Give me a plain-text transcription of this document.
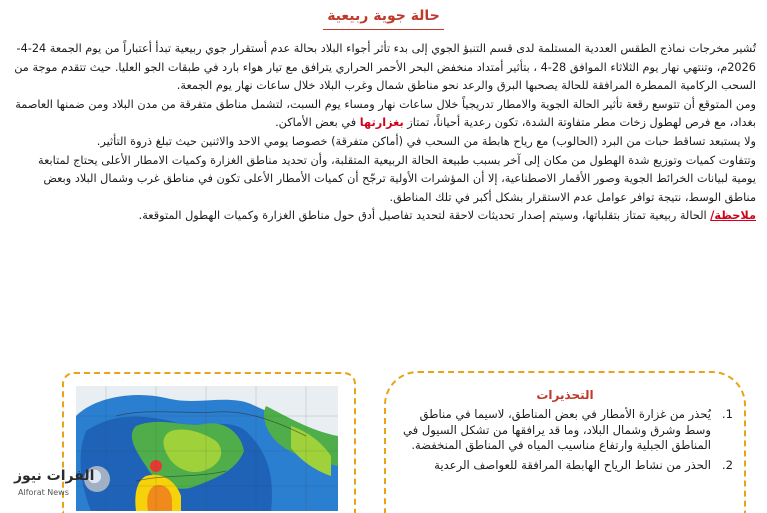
حالة جوية ربيعية

تُشير مخرجات نماذج الطقس العددية المستلمة لدى قسم التنبؤ الجوي إلى بدء تأثر أجواء البلاد بحالة عدم أستقرار جوي ربيعية تبدأ أعتباراً من يوم الجمعة 24-4-2026م، وتنتهي نهار يوم الثلاثاء الموافق 28-4 ، بتأثير أمتداد منخفض البحر الأحمر الحراري يترافق مع تيار هواء بارد في طبقات الجو العليا. حيث تتقدم موجة من السحب الركامية الممطرة المرافقة للحالة يصحبها البرق والرعد نحو مناطق شمال وغرب البلاد خلال ساعات نهار يوم الجمعة.

ومن المتوقع أن تتوسع رقعة تأثير الحالة الجوية والامطار تدريجياً خلال ساعات نهار ومساء يوم السبت، لتشمل مناطق متفرقة من مدن البلاد ومن ضمنها العاصمة بغداد، مع فرص لهطول زخات مطر متفاوتة الشدة، تكون رعدية أحياناً، تمتاز بغزارتها في بعض الأماكن.

ولا يستبعد تساقط حبات من البرد (الحالوب) مع رياح هابطة من السحب في (أماكن متفرقة) خصوصا يومي الاحد والاثنين حيث تبلغ ذروة التأثير.

وتتفاوت كميات وتوزيع شدة الهطول من مكان إلى آخر بسبب طبيعة الحالة الربيعية المتقلبة، وأن تحديد مناطق الغزارة وكميات الامطار الأعلى يحتاج لمتابعة يومية لبيانات الخرائط الجوية وصور الأقمار الاصطناعية، إلا أن المؤشرات الأولية ترجّح أن كميات الأمطار الأعلى تكون في مناطق غرب وشمال البلاد وبعض مناطق الوسط، نتيجة توافر عوامل عدم الاستقرار بشكل أكبر في تلك المناطق.

ملاحظة/ الحالة ربيعية تمتاز بتقلباتها، وسيتم إصدار تحديثات لاحقة لتحديد تفاصيل أدق حول مناطق الغزارة وكميات الهطول المتوقعة.

التحذيرات
1.
يُحذر من غزارة الأمطار في بعض المناطق، لاسيما في مناطق وسط وشرق وشمال البلاد، وما قد يرافقها من تشكل السيول في المناطق الجبلية وارتفاع مناسيب المياه في المناطق المنخفضة.
2.
الحذر من نشاط الرياح الهابطة المرافقة للعواصف الرعدية
الفرات نيوز
Alforat News
